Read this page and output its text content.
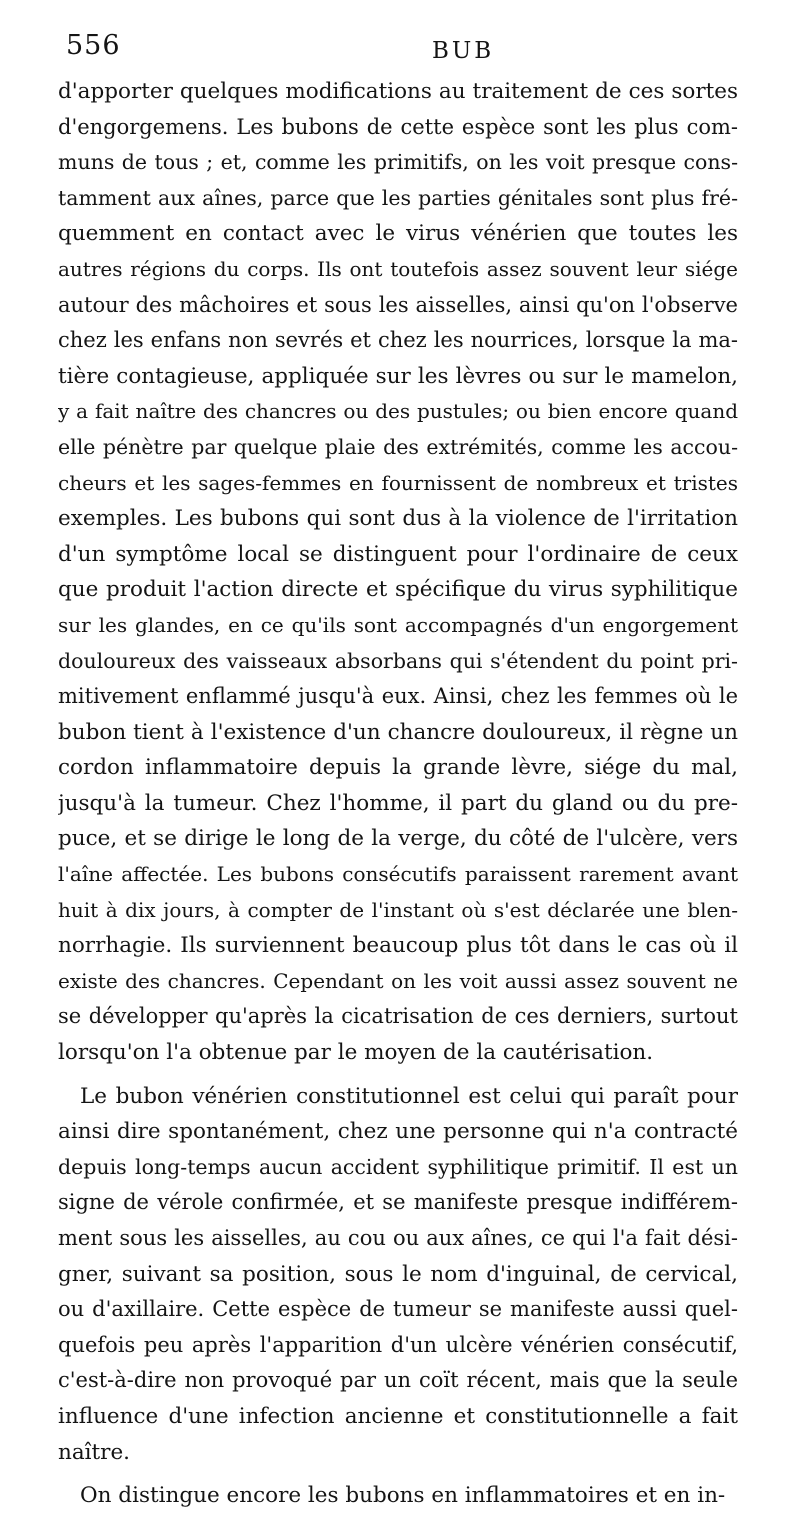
556	BUB
d'apporter quelques modifications au traitement de ces sortes
d'engorgemens. Les bubons de cette espèce sont les plus com-
muns de tous ; et, comme les primitifs, on les voit presque cons-
tamment aux aînes, parce que les parties génitales sont plus fré-
quemment en contact avec le virus vénérien que toutes les
autres régions du corps. Ils ont toutefois assez souvent leur siége
autour des mâchoires et sous les aisselles, ainsi qu'on l'observe
chez les enfans non sevrés et chez les nourrices, lorsque la ma-
tière contagieuse, appliquée sur les lèvres ou sur le mamelon,
y a fait naître des chancres ou des pustules; ou bien encore quand
elle pénètre par quelque plaie des extrémités, comme les accou-
cheurs et les sages-femmes en fournissent de nombreux et tristes
exemples. Les bubons qui sont dus à la violence de l'irritation
d'un symptôme local se distinguent pour l'ordinaire de ceux
que produit l'action directe et spécifique du virus syphilitique
sur les glandes, en ce qu'ils sont accompagnés d'un engorgement
douloureux des vaisseaux absorbans qui s'étendent du point pri-
mitivement enflammé jusqu'à eux. Ainsi, chez les femmes où le
bubon tient à l'existence d'un chancre douloureux, il règne un
cordon inflammatoire depuis la grande lèvre, siége du mal,
jusqu'à la tumeur. Chez l'homme, il part du gland ou du pre-
puce, et se dirige le long de la verge, du côté de l'ulcère, vers
l'aîne affectée. Les bubons consécutifs paraissent rarement avant
huit à dix jours, à compter de l'instant où s'est déclarée une blen-
norrhagie. Ils surviennent beaucoup plus tôt dans le cas où il
existe des chancres. Cependant on les voit aussi assez souvent ne
se développer qu'après la cicatrisation de ces derniers, surtout
lorsqu'on l'a obtenue par le moyen de la cautérisation.
Le bubon vénérien constitutionnel est celui qui paraît pour
ainsi dire spontanément, chez une personne qui n'a contracté
depuis long-temps aucun accident syphilitique primitif. Il est un
signe de vérole confirmée, et se manifeste presque indifférem-
ment sous les aisselles, au cou ou aux aînes, ce qui l'a fait dési-
gner, suivant sa position, sous le nom d'inguinal, de cervical,
ou d'axillaire. Cette espèce de tumeur se manifeste aussi quel-
quefois peu après l'apparition d'un ulcère vénérien consécutif,
c'est-à-dire non provoqué par un coït récent, mais que la seule
influence d'une infection ancienne et constitutionnelle a fait
naître.
On distingue encore les bubons en inflammatoires et en in-
